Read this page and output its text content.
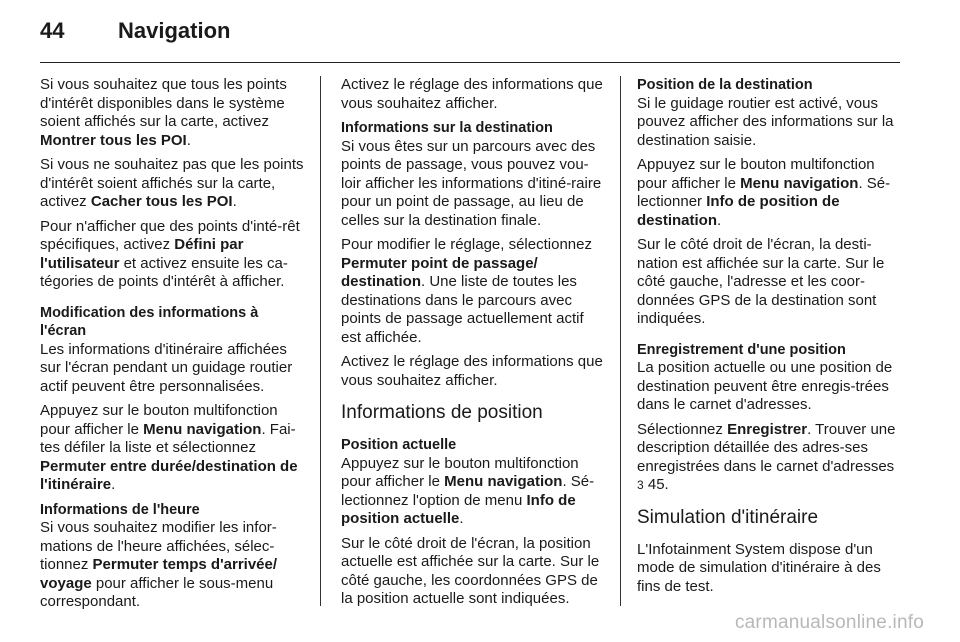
44 Navigation

Si vous souhaitez que tous les points d'intérêt disponibles dans le système soient affichés sur la carte, activez Montrer tous les POI.

Si vous ne souhaitez pas que les points d'intérêt soient affichés sur la carte, activez Cacher tous les POI.

Pour n'afficher que des points d'inté-rêt spécifiques, activez Défini par l'utilisateur et activez ensuite les ca-tégories de points d'intérêt à afficher.

Modification des informations à l'écran

Les informations d'itinéraire affichées sur l'écran pendant un guidage routier actif peuvent être personnalisées.

Appuyez sur le bouton multifonction pour afficher le Menu navigation. Fai-tes défiler la liste et sélectionnez Permuter entre durée/destination de l'itinéraire.

Informations de l'heure

Si vous souhaitez modifier les infor-mations de l'heure affichées, sélec-tionnez Permuter temps d'arrivée/ voyage pour afficher le sous-menu correspondant.

Activez le réglage des informations que vous souhaitez afficher.

Informations sur la destination

Si vous êtes sur un parcours avec des points de passage, vous pouvez vou-loir afficher les informations d'itiné-raire pour un point de passage, au lieu de celles sur la destination finale.

Pour modifier le réglage, sélectionnez Permuter point de passage/ destination. Une liste de toutes les destinations dans le parcours avec points de passage actuellement actif est affichée.

Activez le réglage des informations que vous souhaitez afficher.

Informations de position
Position actuelle

Appuyez sur le bouton multifonction pour afficher le Menu navigation. Sé-lectionnez l'option de menu Info de position actuelle.

Sur le côté droit de l'écran, la position actuelle est affichée sur la carte. Sur le côté gauche, les coordonnées GPS de la position actuelle sont indiquées.

Position de la destination

Si le guidage routier est activé, vous pouvez afficher des informations sur la destination saisie.

Appuyez sur le bouton multifonction pour afficher le Menu navigation. Sé-lectionner Info de position de destination.

Sur le côté droit de l'écran, la desti-nation est affichée sur la carte. Sur le côté gauche, l'adresse et les coor-données GPS de la destination sont indiquées.

Enregistrement d'une position

La position actuelle ou une position de destination peuvent être enregis-trées dans le carnet d'adresses.

Sélectionnez Enregistrer. Trouver une description détaillée des adres-ses enregistrées dans le carnet d'adresses 3 45.

Simulation d'itinéraire

L'Infotainment System dispose d'un mode de simulation d'itinéraire à des fins de test.

carmanualsonline.info
